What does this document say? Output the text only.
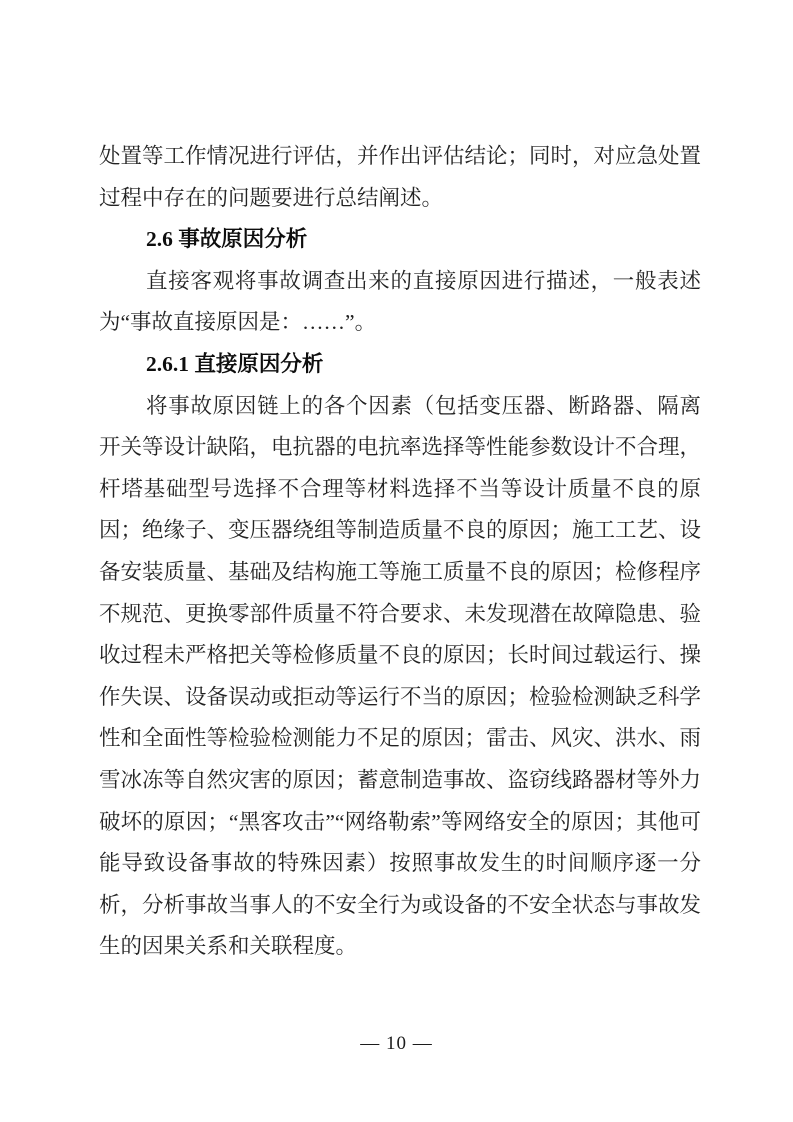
处置等工作情况进行评估，并作出评估结论；同时，对应急处置过程中存在的问题要进行总结阐述。

2.6 事故原因分析

直接客观将事故调查出来的直接原因进行描述，一般表述为“事故直接原因是：……”。

2.6.1 直接原因分析

将事故原因链上的各个因素（包括变压器、断路器、隔离开关等设计缺陷，电抗器的电抗率选择等性能参数设计不合理，杆塔基础型号选择不合理等材料选择不当等设计质量不良的原因；绝缘子、变压器绕组等制造质量不良的原因；施工工艺、设备安装质量、基础及结构施工等施工质量不良的原因；检修程序不规范、更换零部件质量不符合要求、未发现潜在故障隐患、验收过程未严格把关等检修质量不良的原因；长时间过载运行、操作失误、设备误动或拒动等运行不当的原因；检验检测缺乏科学性和全面性等检验检测能力不足的原因；雷击、风灾、洪水、雨雪冰冻等自然灾害的原因；蓄意制造事故、盗窃线路器材等外力破坏的原因；“黑客攻击”“网络勒索”等网络安全的原因；其他可能导致设备事故的特殊因素）按照事故发生的时间顺序逐一分析，分析事故当事人的不安全行为或设备的不安全状态与事故发生的因果关系和关联程度。

— 10 —
